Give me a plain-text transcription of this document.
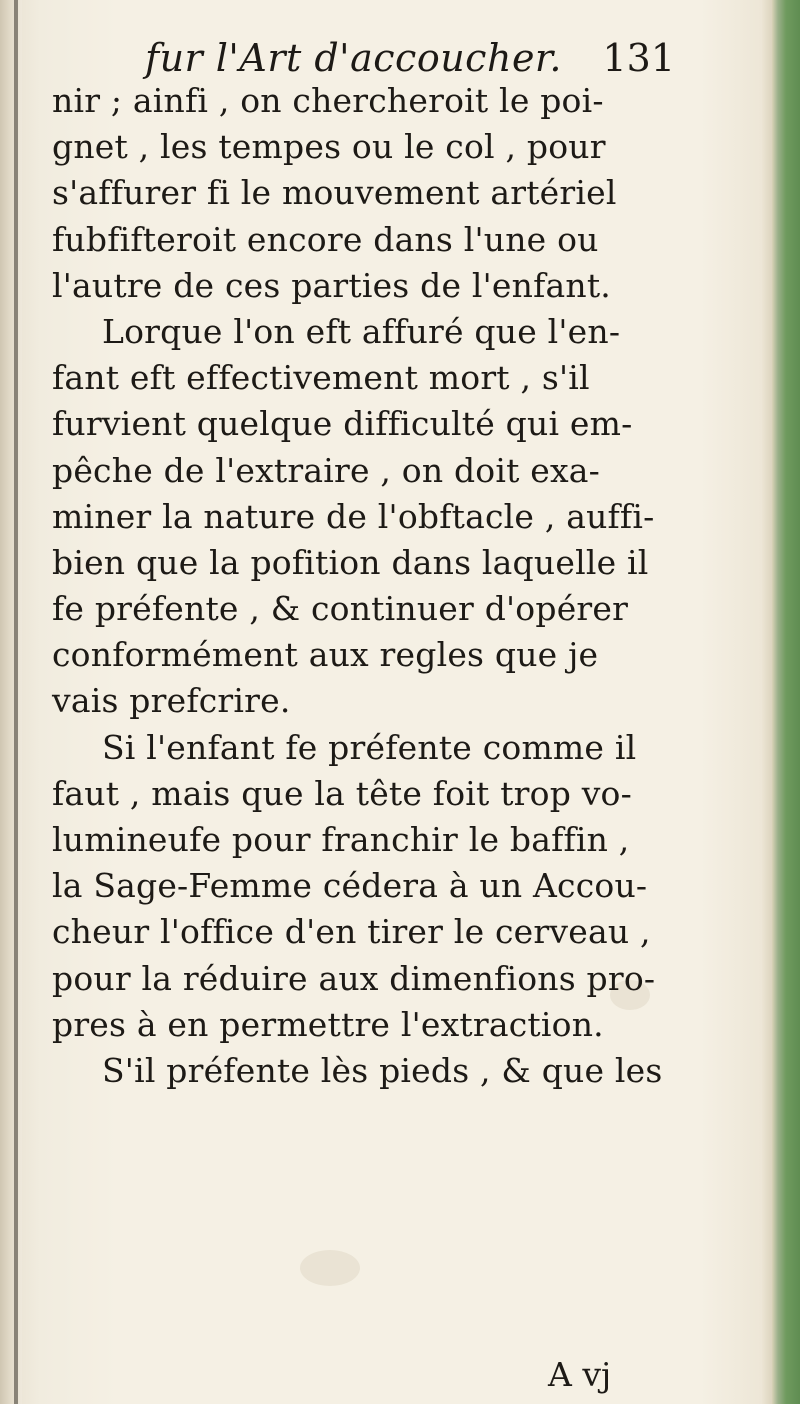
fur l'Art d'accoucher. 131
nir ; ainfi , on chercheroit le poi-
gnet , les tempes ou le col , pour
s'affurer fi le mouvement artériel
fubfifteroit encore dans l'une ou
l'autre de ces parties de l'enfant.
Lorque l'on eft affuré que l'en-
fant eft effectivement mort , s'il
furvient quelque difficulté qui em-
pêche de l'extraire , on doit exa-
miner la nature de l'obftacle , auffi-
bien que la pofition dans laquelle il
fe préfente , & continuer d'opérer
conformément aux regles que je
vais prefcrire.
Si l'enfant fe préfente comme il
faut , mais que la tête foit trop vo-
lumineufe pour franchir le baffin ,
la Sage-Femme cédera à un Accou-
cheur l'office d'en tirer le cerveau ,
pour la réduire aux dimenfions pro-
pres à en permettre l'extraction.
S'il préfente lès pieds , & que les
A vj
